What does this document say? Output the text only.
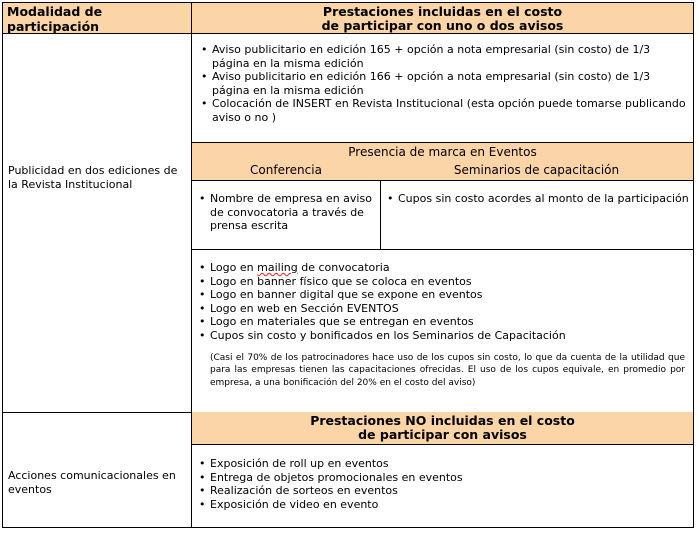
Modalidad de participación
Prestaciones incluidas en el costo
de participar con uno o dos avisos
Publicidad en dos ediciones de la Revista Institucional
• Aviso publicitario en edición 165 + opción a nota empresarial (sin costo) de 1/3 página en la misma edición
• Aviso publicitario en edición 166 + opción a nota empresarial (sin costo) de 1/3 página en la misma edición
• Colocación de INSERT en Revista Institucional (esta opción puede tomarse publicando aviso o no )
Presencia de marca en Eventos
Conferencia	Seminarios de capacitación
• Nombre de empresa en aviso de convocatoria a través de prensa escrita
• Cupos sin costo acordes al monto de la participación
• Logo en mailing de convocatoria
• Logo en banner físico que se coloca en eventos
• Logo en banner digital que se expone en eventos
• Logo en web en Sección EVENTOS
• Logo en materiales que se entregan en eventos
• Cupos sin costo y bonificados en los Seminarios de Capacitación
(Casi el 70% de los patrocinadores hace uso de los cupos sin costo, lo que da cuenta de la utilidad que para las empresas tienen las capacitaciones ofrecidas. El uso de los cupos equivale, en promedio por empresa, a una bonificación del 20% en el costo del aviso)
Acciones comunicacionales en eventos
Prestaciones NO incluidas en el costo
de participar con avisos
• Exposición de roll up en eventos
• Entrega de objetos promocionales en eventos
• Realización de sorteos en eventos
• Exposición de video en evento
